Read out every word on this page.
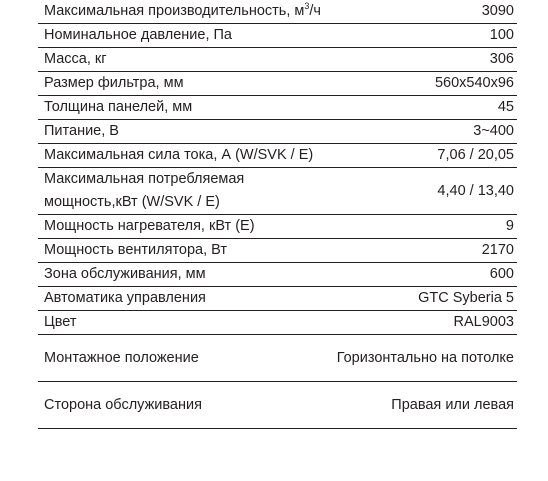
Максимальная производительность, $м^3/ч$	3090
Номинальное давление, Па	100
Масса, кг	306
Размер фильтра, мм	560x540x96
Толщина панелей, мм	45
Питание, В	3~400
Максимальная сила тока, А (W/SVK / E)	7,06 / 20,05
Максимальная потребляемая
мощность,кВт (W/SVK / E)	4,40 / 13,40
Мощность нагревателя, кВт (E)	9
Мощность вентилятора, Вт	2170
Зона обслуживания, мм	600
Автоматика управления	GTC Syberia 5
Цвет	RAL9003
Монтажное положение	Горизонтально на потолке
Сторона обслуживания	Правая или левая
